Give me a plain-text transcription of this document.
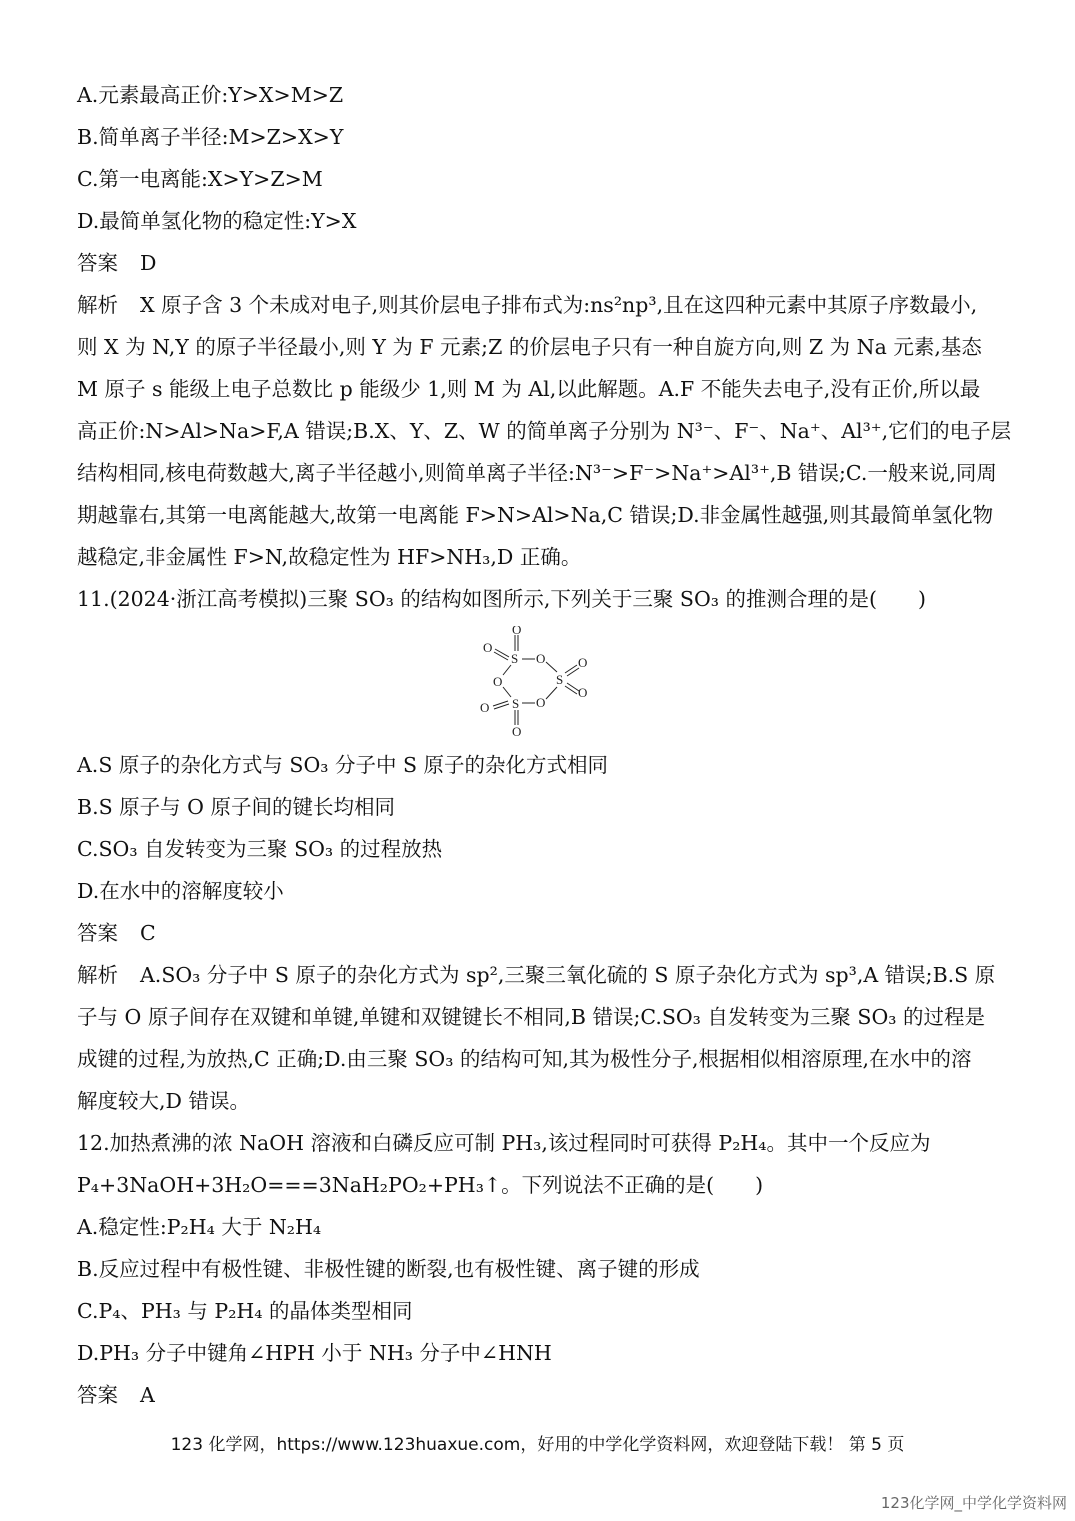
A.元素最高正价:Y>X>M>Z
B.简单离子半径:M>Z>X>Y
C.第一电离能:X>Y>Z>M
D.最简单氢化物的稳定性:Y>X
答案 D
解析 X 原子含 3 个未成对电子,则其价层电子排布式为:ns²np³,且在这四种元素中其原子序数最小,
则 X 为 N,Y 的原子半径最小,则 Y 为 F 元素;Z 的价层电子只有一种自旋方向,则 Z 为 Na 元素,基态
M 原子 s 能级上电子总数比 p 能级少 1,则 M 为 Al,以此解题。A.F 不能失去电子,没有正价,所以最
高正价:N>Al>Na>F,A 错误;B.X、Y、Z、W 的简单离子分别为 N³⁻、F⁻、Na⁺、Al³⁺,它们的电子层
结构相同,核电荷数越大,离子半径越小,则简单离子半径:N³⁻>F⁻>Na⁺>Al³⁺,B 错误;C.一般来说,同周
期越靠右,其第一电离能越大,故第一电离能 F>N>Al>Na,C 错误;D.非金属性越强,则其最简单氢化物
越稳定,非金属性 F>N,故稳定性为 HF>NH₃,D 正确。
11.(2024·浙江高考模拟)三聚 SO₃ 的结构如图所示,下列关于三聚 SO₃ 的推测合理的是(　　)
O
O
S O	O
S
O
O
S O
O
O
A.S 原子的杂化方式与 SO₃ 分子中 S 原子的杂化方式相同
B.S 原子与 O 原子间的键长均相同
C.SO₃ 自发转变为三聚 SO₃ 的过程放热
D.在水中的溶解度较小
答案 C
解析 A.SO₃ 分子中 S 原子的杂化方式为 sp²,三聚三氧化硫的 S 原子杂化方式为 sp³,A 错误;B.S 原
子与 O 原子间存在双键和单键,单键和双键键长不相同,B 错误;C.SO₃ 自发转变为三聚 SO₃ 的过程是
成键的过程,为放热,C 正确;D.由三聚 SO₃ 的结构可知,其为极性分子,根据相似相溶原理,在水中的溶
解度较大,D 错误。
12.加热煮沸的浓 NaOH 溶液和白磷反应可制 PH₃,该过程同时可获得 P₂H₄。其中一个反应为
P₄+3NaOH+3H₂O===3NaH₂PO₂+PH₃↑。下列说法不正确的是(　　)
A.稳定性:P₂H₄ 大于 N₂H₄
B.反应过程中有极性键、非极性键的断裂,也有极性键、离子键的形成
C.P₄、PH₃ 与 P₂H₄ 的晶体类型相同
D.PH₃ 分子中键角∠HPH 小于 NH₃ 分子中∠HNH
答案 A
123 化学网，https://www.123huaxue.com，好用的中学化学资料网，欢迎登陆下载！ 第 5 页
123化学网_中学化学资料网
